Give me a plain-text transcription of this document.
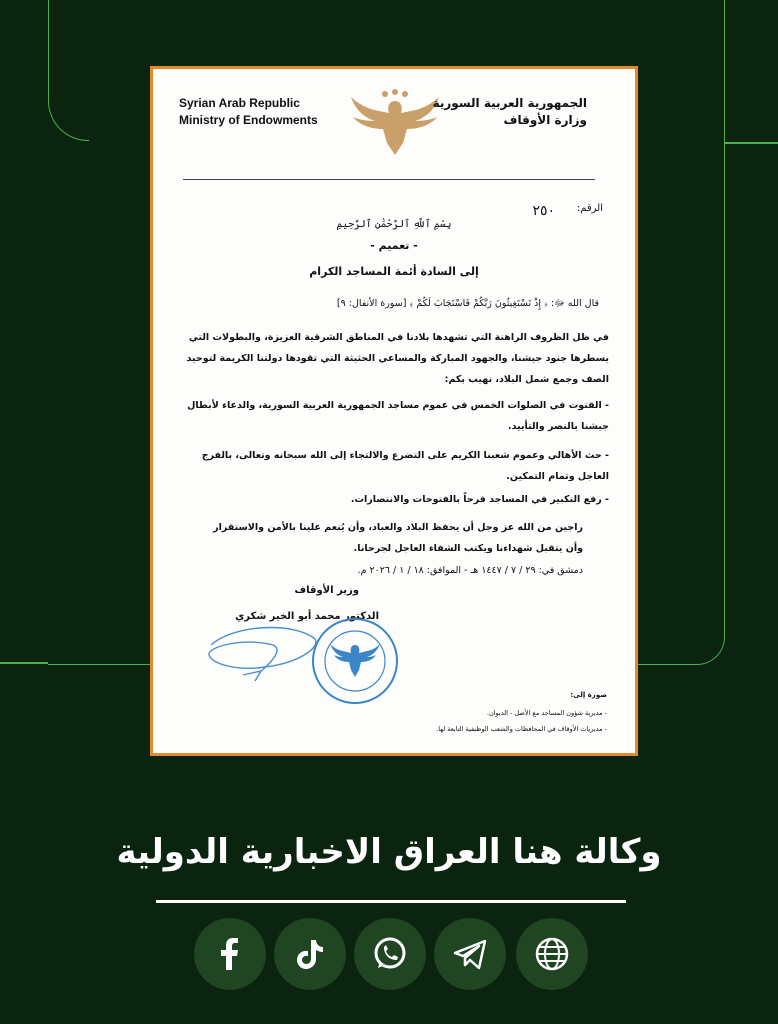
Syrian Arab Republic
Ministry of Endowments
الجمهورية العربية السورية
وزارة الأوقاف
الرقم:
٢٥٠
بِسْمِ ٱللَّهِ ٱلرَّحْمَٰنِ ٱلرَّحِيمِ
- تعميم -
إلى السادة أئمة المساجد الكرام
قال الله ﷻ: ﴿ إِذْ تَسْتَغِيثُونَ رَبَّكُمْ فَاسْتَجَابَ لَكُمْ ﴾ [سورة الأنفال: ٩]
في ظل الظروف الراهنة التي تشهدها بلادنا في المناطق الشرقية العزيزة، والبطولات التي يسطرها جنود جيشنا، والجهود المباركة والمساعي الحثيثة التي تقودها دولتنا الكريمة لتوحيد الصف وجمع شمل البلاد، نهيب بكم:
- القنوت في الصلوات الخمس في عموم مساجد الجمهورية العربية السورية، والدعاء لأبطال جيشنا بالنصر والتأييد.
- حث الأهالي وعموم شعبنا الكريم على التضرع والالتجاء إلى الله سبحانه وتعالى، بالفرج العاجل وتمام التمكين.
- رفع التكبير في المساجد فرحاً بالفتوحات والانتصارات.
راجين من الله عز وجل أن يحفظ البلاد والعباد، وأن يُنعم علينا بالأمن والاستقرار وأن يتقبل شهداءنا ويكتب الشفاء العاجل لجرحانا.
دمشق في: ٢٩ / ٧ / ١٤٤٧ هـ - الموافق: ١٨ / ١ / ٢٠٢٦ م.
وزير الأوقاف
الدكتور محمد أبو الخير شكري
صورة إلى:
- مديرية شؤون المساجد مع الأصل - الديوان.
- مديريات الأوقاف في المحافظات والشعب الوظيفية التابعة لها.
وكالة هنا العراق الاخبارية الدولية
